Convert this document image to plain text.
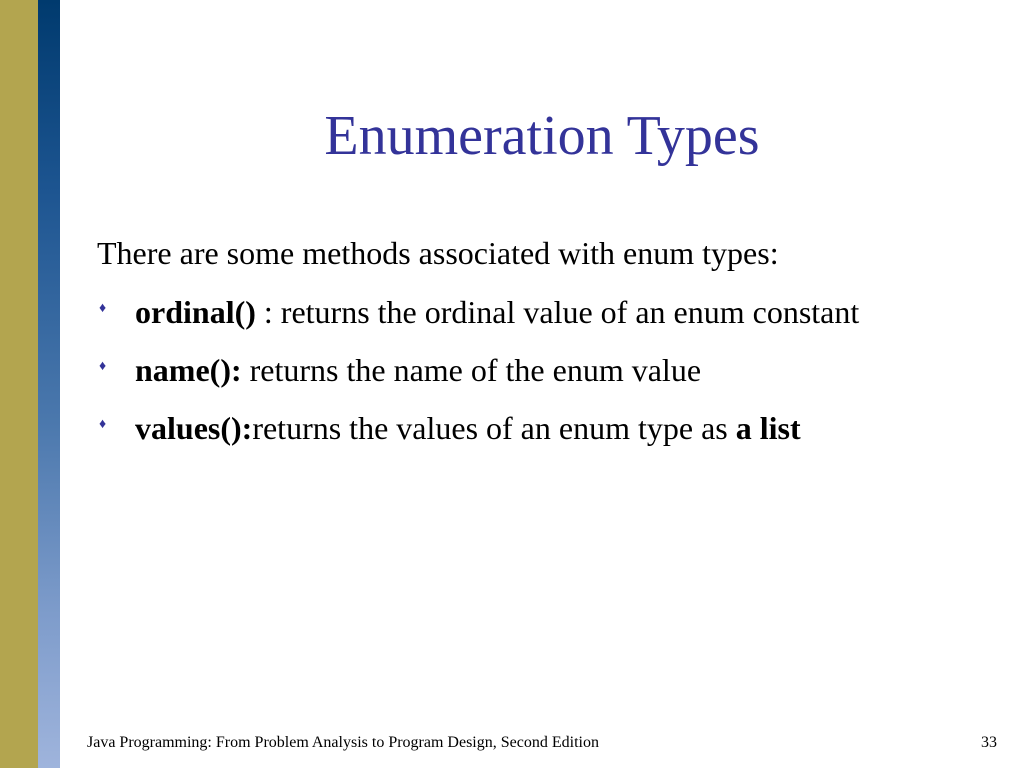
Enumeration Types

There are some methods associated with enum types:

♦ ordinal() : returns the ordinal value of an enum constant
♦ name(): returns the name of the enum value
♦ values():returns the values of an enum type as a list
Java Programming: From Problem Analysis to Program Design, Second Edition	33
